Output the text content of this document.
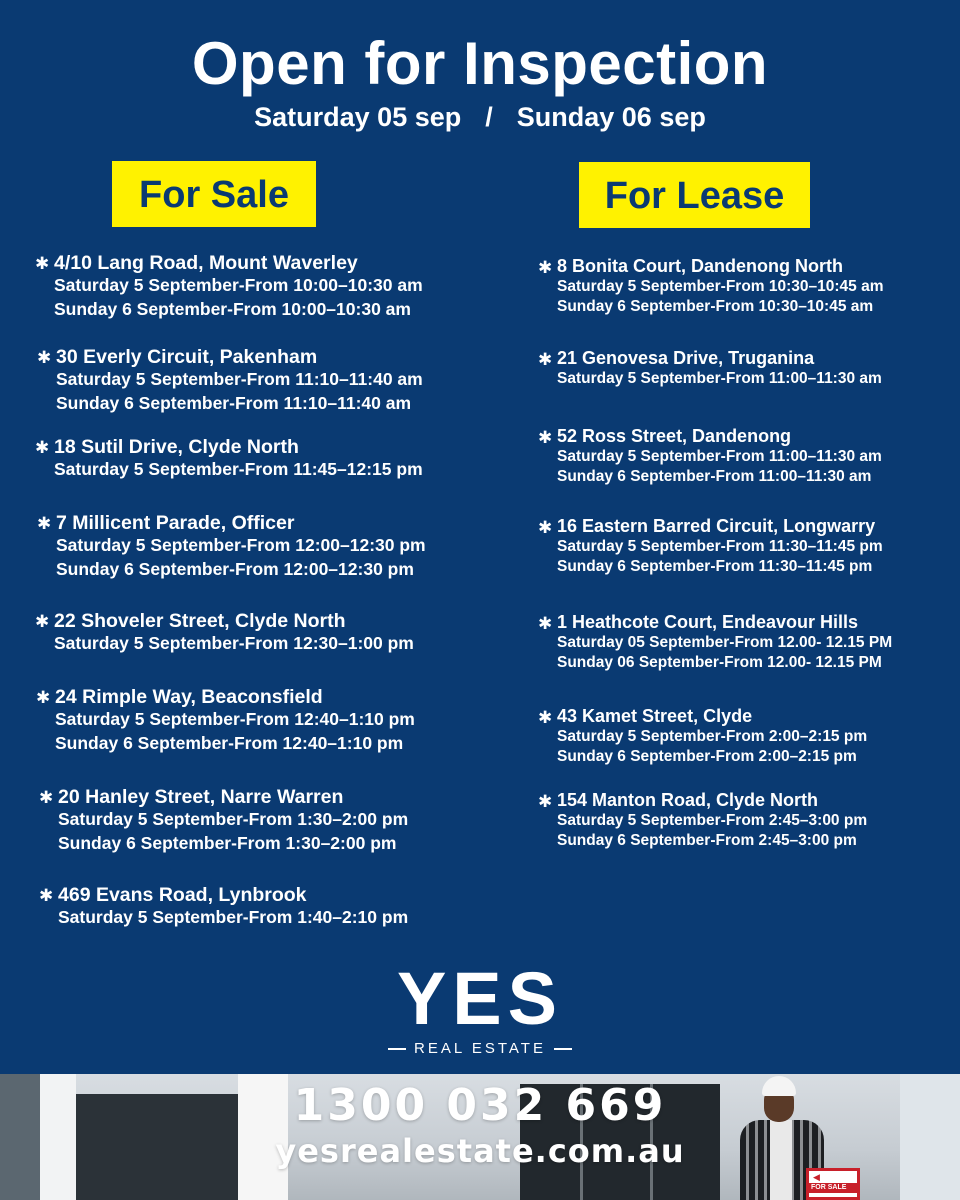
Open for Inspection
Saturday 05 sep / Sunday 06 sep
For Sale	For Lease
✱ 4/10 Lang Road, Mount Waverley
Saturday 5 September-From 10:00–10:30 am
Sunday 6 September-From 10:00–10:30 am
✱ 30 Everly Circuit, Pakenham
Saturday 5 September-From 11:10–11:40 am
Sunday 6 September-From 11:10–11:40 am
✱ 18 Sutil Drive, Clyde North
Saturday 5 September-From 11:45–12:15 pm
✱ 7 Millicent Parade, Officer
Saturday 5 September-From 12:00–12:30 pm
Sunday 6 September-From 12:00–12:30 pm
✱ 22 Shoveler Street, Clyde North
Saturday 5 September-From 12:30–1:00 pm
✱ 24 Rimple Way, Beaconsfield
Saturday 5 September-From 12:40–1:10 pm
Sunday 6 September-From 12:40–1:10 pm
✱ 20 Hanley Street, Narre Warren
Saturday 5 September-From 1:30–2:00 pm
Sunday 6 September-From 1:30–2:00 pm
✱ 469 Evans Road, Lynbrook
Saturday 5 September-From 1:40–2:10 pm
✱ 8 Bonita Court, Dandenong North
Saturday 5 September-From 10:30–10:45 am
Sunday 6 September-From 10:30–10:45 am
✱ 21 Genovesa Drive, Truganina
Saturday 5 September-From 11:00–11:30 am
✱ 52 Ross Street, Dandenong
Saturday 5 September-From 11:00–11:30 am
Sunday 6 September-From 11:00–11:30 am
✱ 16 Eastern Barred Circuit, Longwarry
Saturday 5 September-From 11:30–11:45 pm
Sunday 6 September-From 11:30–11:45 pm
✱ 1 Heathcote Court, Endeavour Hills
Saturday 05 September-From 12.00- 12.15 PM
Sunday 06 September-From 12.00- 12.15 PM
✱ 43 Kamet Street, Clyde
Saturday 5 September-From 2:00–2:15 pm
Sunday 6 September-From 2:00–2:15 pm
✱ 154 Manton Road, Clyde North
Saturday 5 September-From 2:45–3:00 pm
Sunday 6 September-From 2:45–3:00 pm
YES
REAL ESTATE
◀
FOR SALE
1300 032 669
yesrealestate.com.au
